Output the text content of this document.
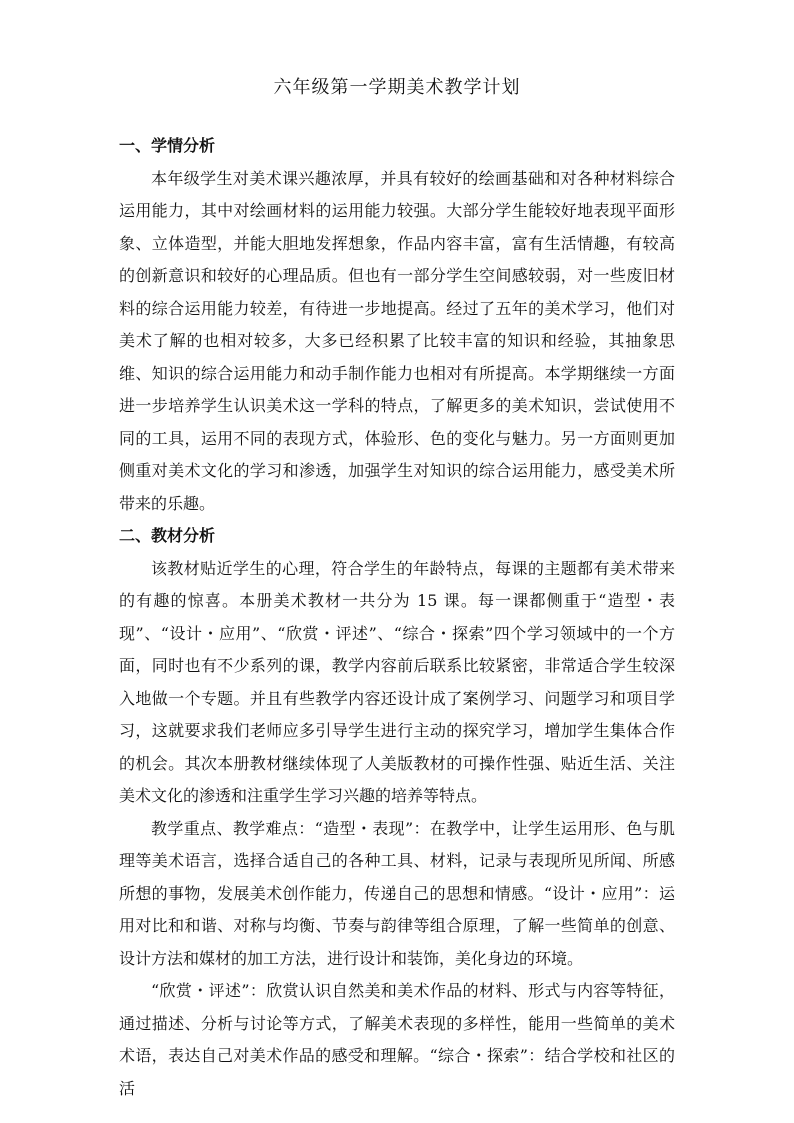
六年级第一学期美术教学计划

一、学情分析

本年级学生对美术课兴趣浓厚，并具有较好的绘画基础和对各种材料综合运用能力，其中对绘画材料的运用能力较强。大部分学生能较好地表现平面形象、立体造型，并能大胆地发挥想象，作品内容丰富，富有生活情趣，有较高的创新意识和较好的心理品质。但也有一部分学生空间感较弱，对一些废旧材料的综合运用能力较差，有待进一步地提高。经过了五年的美术学习，他们对美术了解的也相对较多，大多已经积累了比较丰富的知识和经验，其抽象思维、知识的综合运用能力和动手制作能力也相对有所提高。本学期继续一方面进一步培养学生认识美术这一学科的特点，了解更多的美术知识，尝试使用不同的工具，运用不同的表现方式，体验形、色的变化与魅力。另一方面则更加侧重对美术文化的学习和渗透，加强学生对知识的综合运用能力，感受美术所带来的乐趣。

二、教材分析

该教材贴近学生的心理，符合学生的年龄特点，每课的主题都有美术带来的有趣的惊喜。本册美术教材一共分为 15 课。每一课都侧重于“造型・表现”、“设计・应用”、“欣赏・评述”、“综合・探索”四个学习领域中的一个方面，同时也有不少系列的课，教学内容前后联系比较紧密，非常适合学生较深入地做一个专题。并且有些教学内容还设计成了案例学习、问题学习和项目学习，这就要求我们老师应多引导学生进行主动的探究学习，增加学生集体合作的机会。其次本册教材继续体现了人美版教材的可操作性强、贴近生活、关注美术文化的渗透和注重学生学习兴趣的培养等特点。

教学重点、教学难点：“造型・表现”：在教学中，让学生运用形、色与肌理等美术语言，选择合适自己的各种工具、材料，记录与表现所见所闻、所感所想的事物，发展美术创作能力，传递自己的思想和情感。“设计・应用”：运用对比和和谐、对称与均衡、节奏与韵律等组合原理，了解一些简单的创意、设计方法和媒材的加工方法，进行设计和装饰，美化身边的环境。

“欣赏・评述”：欣赏认识自然美和美术作品的材料、形式与内容等特征，通过描述、分析与讨论等方式，了解美术表现的多样性，能用一些简单的美术术语，表达自己对美术作品的感受和理解。“综合・探索”：结合学校和社区的活
